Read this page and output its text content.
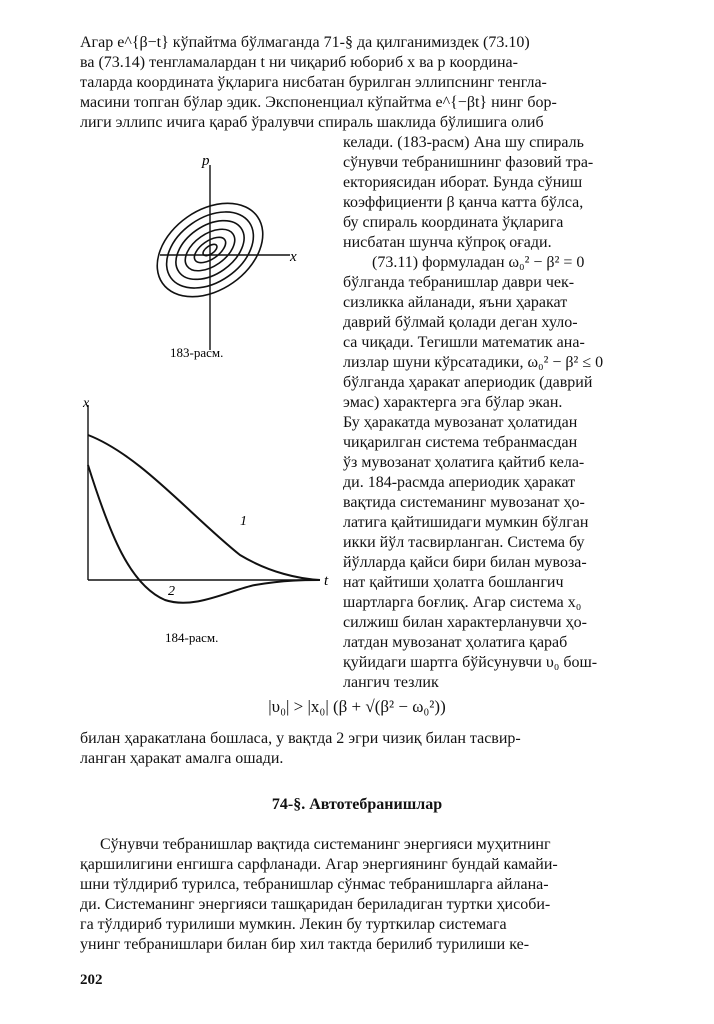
Агар е^{β−t} кўпайтма бўлмаганда 71-§ да қилганимиздек (73.10)
ва (73.14) тенгламалардан t ни чиқариб юбориб x ва p координа-
таларда координата ўқларига нисбатан бурилган эллипснинг тенгла-
масини топган бўлар эдик. Экспоненциал кўпайтма e^{−βt} нинг бор-
лиги эллипс ичига қараб ўралувчи спираль шаклида бўлишига олиб
келади. (183-расм) Ана шу спираль
сўнувчи тебранишнинг фазовий тра-
екториясидан иборат. Бунда сўниш
коэффициенти β қанча катта бўлса,
бу спираль координата ўқларига
нисбатан шунча кўпроқ оғади.
(73.11) формуладан ω₀² − β² = 0
бўлганда тебранишлар даври чек-
сизликка айланади, яъни ҳаракат
даврий бўлмай қолади деган хуло-
са чиқади. Тегишли математик ана-
лизлар шуни кўрсатадики, ω₀² − β² ≤ 0
бўлганда ҳаракат апериодик (даврий
эмас) характерга эга бўлар экан.
Бу ҳаракатда мувозанат ҳолатидан
чиқарилган система тебранмасдан
ўз мувозанат ҳолатига қайтиб кела-
ди. 184-расмда апериодик ҳаракат
вақтида системанинг мувозанат ҳо-
латига қайтишидаги мумкин бўлган
икки йўл тасвирланган. Система бу
йўлларда қайси бири билан мувоза-
нат қайтиши ҳолатга бошлангич
шартларга боғлиқ. Агар система x₀
силжиш билан характерланувчи ҳо-
латдан мувозанат ҳолатига қараб
қуйидаги шартга бўйсунувчи υ₀ бош-
лангич тезлик
|υ₀| > |x₀| (β + √(β² − ω₀²))
билан ҳаракатлана бошласа, у вақтда 2 эгри чизиқ билан тасвир-
ланган ҳаракат амалга ошади.
74-§. Автотебранишлар
Сўнувчи тебранишлар вақтида системанинг энергияси муҳитнинг
қаршилигини енгишга сарфланади. Агар энергиянинг бундай камайи-
шни тўлдириб турилса, тебранишлар сўнмас тебранишларга айлана-
ди. Системанинг энергияси ташқаридан бериладиган туртки ҳисоби-
га тўлдириб турилиши мумкин. Лекин бу турткилар системага
унинг тебранишлари билан бир хил тактда берилиб турилиши ке-
202
x
p
183-расм.
x
t
1
2
184-расм.
